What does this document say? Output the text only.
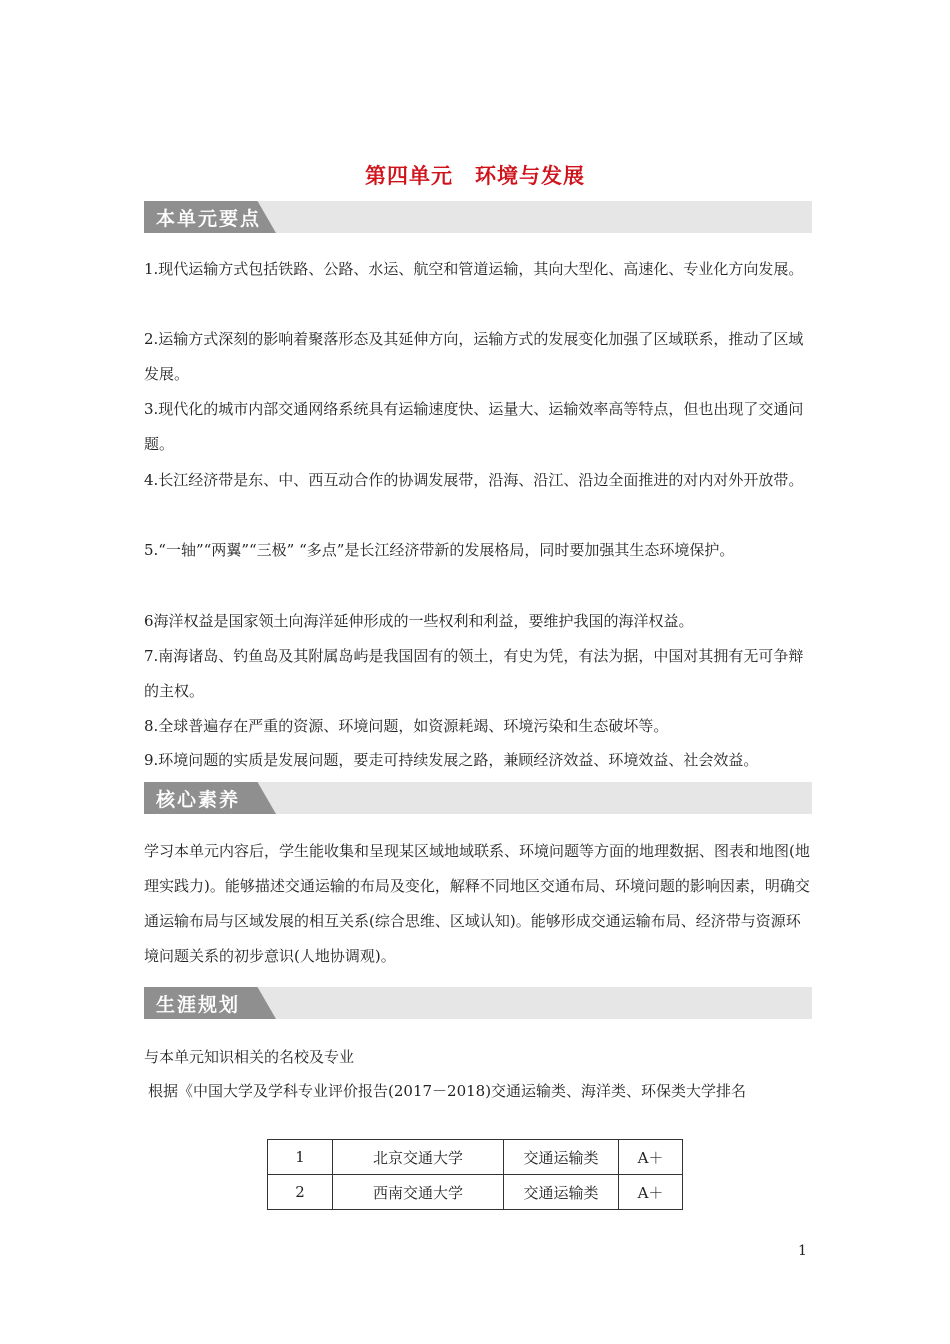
第四单元　环境与发展
本单元要点

1.现代运输方式包括铁路、公路、水运、航空和管道运输，其向大型化、高速化、专业化方向发展。

2.运输方式深刻的影响着聚落形态及其延伸方向，运输方式的发展变化加强了区域联系，推动了区域发展。

3.现代化的城市内部交通网络系统具有运输速度快、运量大、运输效率高等特点，但也出现了交通问题。

4.长江经济带是东、中、西互动合作的协调发展带，沿海、沿江、沿边全面推进的对内对外开放带。

5.“一轴”“两翼”“三极” “多点”是长江经济带新的发展格局，同时要加强其生态环境保护。

6海洋权益是国家领土向海洋延伸形成的一些权利和利益，要维护我国的海洋权益。

7.南海诸岛、钓鱼岛及其附属岛屿是我国固有的领土，有史为凭，有法为据，中国对其拥有无可争辩的主权。

8.全球普遍存在严重的资源、环境问题，如资源耗竭、环境污染和生态破坏等。

9.环境问题的实质是发展问题，要走可持续发展之路，兼顾经济效益、环境效益、社会效益。

核心素养

学习本单元内容后，学生能收集和呈现某区域地域联系、环境问题等方面的地理数据、图表和地图(地理实践力)。能够描述交通运输的布局及变化，解释不同地区交通布局、环境问题的影响因素，明确交通运输布局与区域发展的相互关系(综合思维、区域认知)。能够形成交通运输布局、经济带与资源环境问题关系的初步意识(人地协调观)。

生涯规划

与本单元知识相关的名校及专业

根据《中国大学及学科专业评价报告(2017－2018)交通运输类、海洋类、环保类大学排名

1	北京交通大学	交通运输类	A＋
2	西南交通大学	交通运输类	A＋
1
